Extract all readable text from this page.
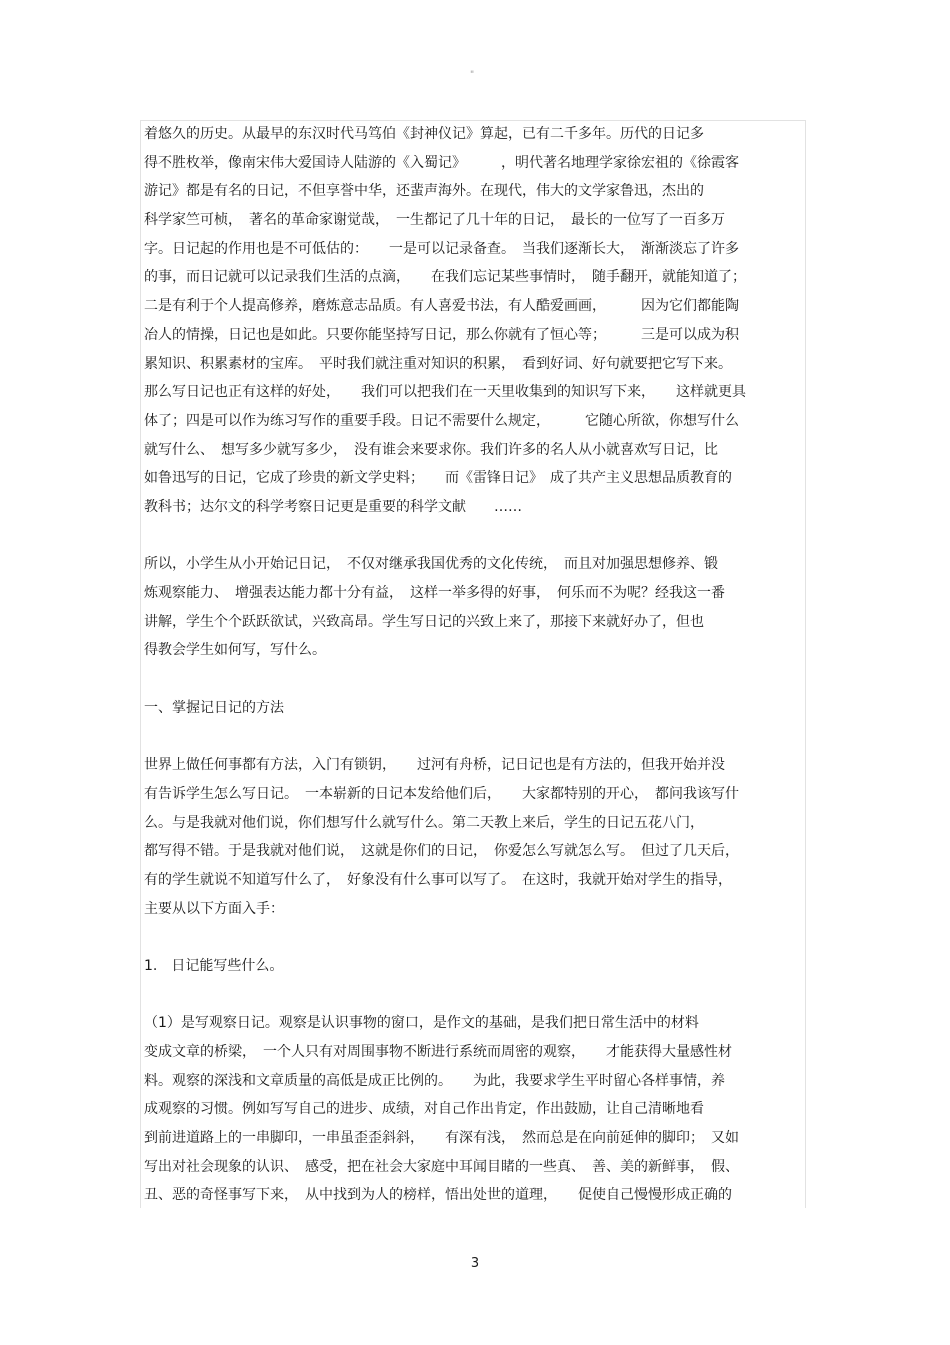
"
着悠久的历史。从最早的东汉时代马笃伯《封神仪记》算起，已有二千多年。历代的日记多
得不胜枚举，像南宋伟大爱国诗人陆游的《入蜀记》　　　，明代著名地理学家徐宏祖的《徐霞客
游记》都是有名的日记，不但享誉中华，还蜚声海外。在现代，伟大的文学家鲁迅，杰出的
科学家竺可桢，　著名的革命家谢觉哉，　一生都记了几十年的日记，　最长的一位写了一百多万
字。日记起的作用也是不可低估的：　　一是可以记录备查。　当我们逐渐长大，　渐渐淡忘了许多
的事，而日记就可以记录我们生活的点滴，　　在我们忘记某些事情时，　随手翻开，就能知道了；
二是有利于个人提高修养，磨炼意志品质。有人喜爱书法，有人酷爱画画，　　　因为它们都能陶
冶人的情操，日记也是如此。只要你能坚持写日记，那么你就有了恒心等；　　　三是可以成为积
累知识、积累素材的宝库。　平时我们就注重对知识的积累，　看到好词、好句就要把它写下来。
那么写日记也正有这样的好处，　　我们可以把我们在一天里收集到的知识写下来，　　这样就更具
体了；四是可以作为练习写作的重要手段。日记不需要什么规定，　　　它随心所欲，你想写什么
就写什么、　想写多少就写多少，　没有谁会来要求你。我们许多的名人从小就喜欢写日记，比
如鲁迅写的日记，它成了珍贵的新文学史料；　　而《雷锋日记》　成了共产主义思想品质教育的
教科书；达尔文的科学考察日记更是重要的科学文献　　……
所以，小学生从小开始记日记，　不仅对继承我国优秀的文化传统，　而且对加强思想修养、锻
炼观察能力、　增强表达能力都十分有益，　这样一举多得的好事，　何乐而不为呢？经我这一番
讲解，学生个个跃跃欲试，兴致高昂。学生写日记的兴致上来了，那接下来就好办了，但也
得教会学生如何写，写什么。
一、掌握记日记的方法
世界上做任何事都有方法，入门有锁钥，　　过河有舟桥，记日记也是有方法的，但我开始并没
有告诉学生怎么写日记。　一本崭新的日记本发给他们后，　　大家都特别的开心，　都问我该写什
么。与是我就对他们说，你们想写什么就写什么。第二天教上来后，学生的日记五花八门，
都写得不错。于是我就对他们说，　这就是你们的日记，　你爱怎么写就怎么写。　但过了几天后，
有的学生就说不知道写什么了，　好象没有什么事可以写了。　在这时，我就开始对学生的指导，
主要从以下方面入手：
1.　日记能写些什么。
（1）是写观察日记。观察是认识事物的窗口，是作文的基础，是我们把日常生活中的材料
变成文章的桥梁，　一个人只有对周围事物不断进行系统而周密的观察，　　才能获得大量感性材
料。观察的深浅和文章质量的高低是成正比例的。　　为此，我要求学生平时留心各样事情，养
成观察的习惯。例如写写自己的进步、成绩，对自己作出肯定，作出鼓励，让自己清晰地看
到前进道路上的一串脚印，一串虽歪歪斜斜，　　有深有浅，　然而总是在向前延伸的脚印；　又如
写出对社会现象的认识、　感受，把在社会大家庭中耳闻目睹的一些真、　善、美的新鲜事，　假、
丑、恶的奇怪事写下来，　从中找到为人的榜样，悟出处世的道理，　　促使自己慢慢形成正确的
3
